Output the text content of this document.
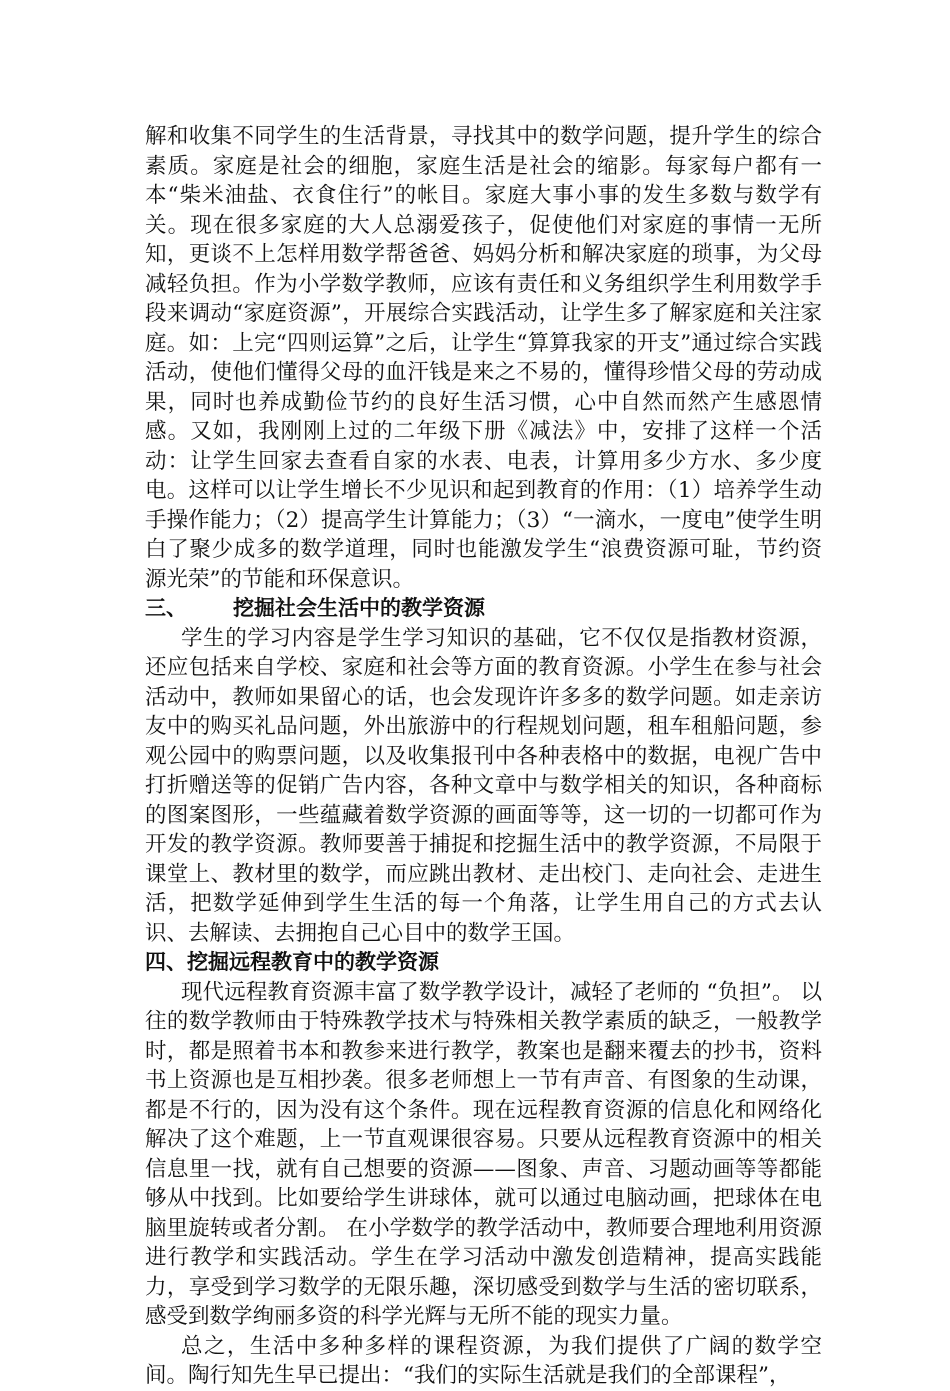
解和收集不同学生的生活背景，寻找其中的数学问题，提升学生的综合素质。家庭是社会的细胞，家庭生活是社会的缩影。每家每户都有一 本“柴米油盐、衣食住行”的帐目。家庭大事小事的发生多数与数学有关。现在很多家庭的大人总溺爱孩子，促使他们对家庭的事情一无所知，更谈不上怎样用数学帮爸爸、妈妈分析和解决家庭的琐事，为父母减轻负担。作为小学数学教师，应该有责任和义务组织学生利用数学手段来调动“家庭资源”，开展综合实践活动，让学生多了解家庭和关注家庭。如：上完“四则运算”之后，让学生“算算我家的开支”通过综合实践活动，使他们懂得父母的血汗钱是来之不易的，懂得珍惜父母的劳动成果，同时也养成勤俭节约的良好生活习惯，心中自然而然产生感恩情感。又如，我刚刚上过的二年级下册《减法》中，安排了这样一个活动：让学生回家去查看自家的水表、电表，计算用多少方水、多少度电。这样可以让学生增长不少见识和起到教育的作用：（1）培养学生动手操作能力；（2）提高学生计算能力；（3）“一滴水，一度电”使学生明白了聚少成多的数学道理，同时也能激发学生“浪费资源可耻，节约资源光荣”的节能和环保意识。

三、 挖掘社会生活中的教学资源

学生的学习内容是学生学习知识的基础，它不仅仅是指教材资源，还应包括来自学校、家庭和社会等方面的教育资源。小学生在参与社会活动中，教师如果留心的话，也会发现许许多多的数学问题。如走亲访友中的购买礼品问题，外出旅游中的行程规划问题，租车租船问题，参观公园中的购票问题，以及收集报刊中各种表格中的数据，电视广告中打折赠送等的促销广告内容，各种文章中与数学相关的知识，各种商标的图案图形，一些蕴藏着数学资源的画面等等，这一切的一切都可作为开发的教学资源。教师要善于捕捉和挖掘生活中的教学资源，不局限于课堂上、教材里的数学，而应跳出教材、走出校门、走向社会、走进生活，把数学延伸到学生生活的每一个角落，让学生用自己的方式去认识、去解读、去拥抱自己心目中的数学王国。

四、挖掘远程教育中的教学资源

现代远程教育资源丰富了数学教学设计，减轻了老师的 “负担”。 以往的数学教师由于特殊教学技术与特殊相关教学素质的缺乏，一般教学时，都是照着书本和教参来进行教学，教案也是翻来覆去的抄书，资料书上资源也是互相抄袭。很多老师想上一节有声音、有图象的生动课，都是不行的，因为没有这个条件。现在远程教育资源的信息化和网络化解决了这个难题，上一节直观课很容易。只要从远程教育资源中的相关信息里一找，就有自己想要的资源——图象、声音、习题动画等等都能够从中找到。比如要给学生讲球体，就可以通过电脑动画，把球体在电脑里旋转或者分割。 在小学数学的教学活动中，教师要合理地利用资源进行教学和实践活动。学生在学习活动中激发创造精神，提高实践能力，享受到学习数学的无限乐趣，深切感受到数学与生活的密切联系，感受到数学绚丽多资的科学光辉与无所不能的现实力量。

总之，生活中多种多样的课程资源，为我们提供了广阔的数学空间。陶行知先生早已提出：“我们的实际生活就是我们的全部课程”，
